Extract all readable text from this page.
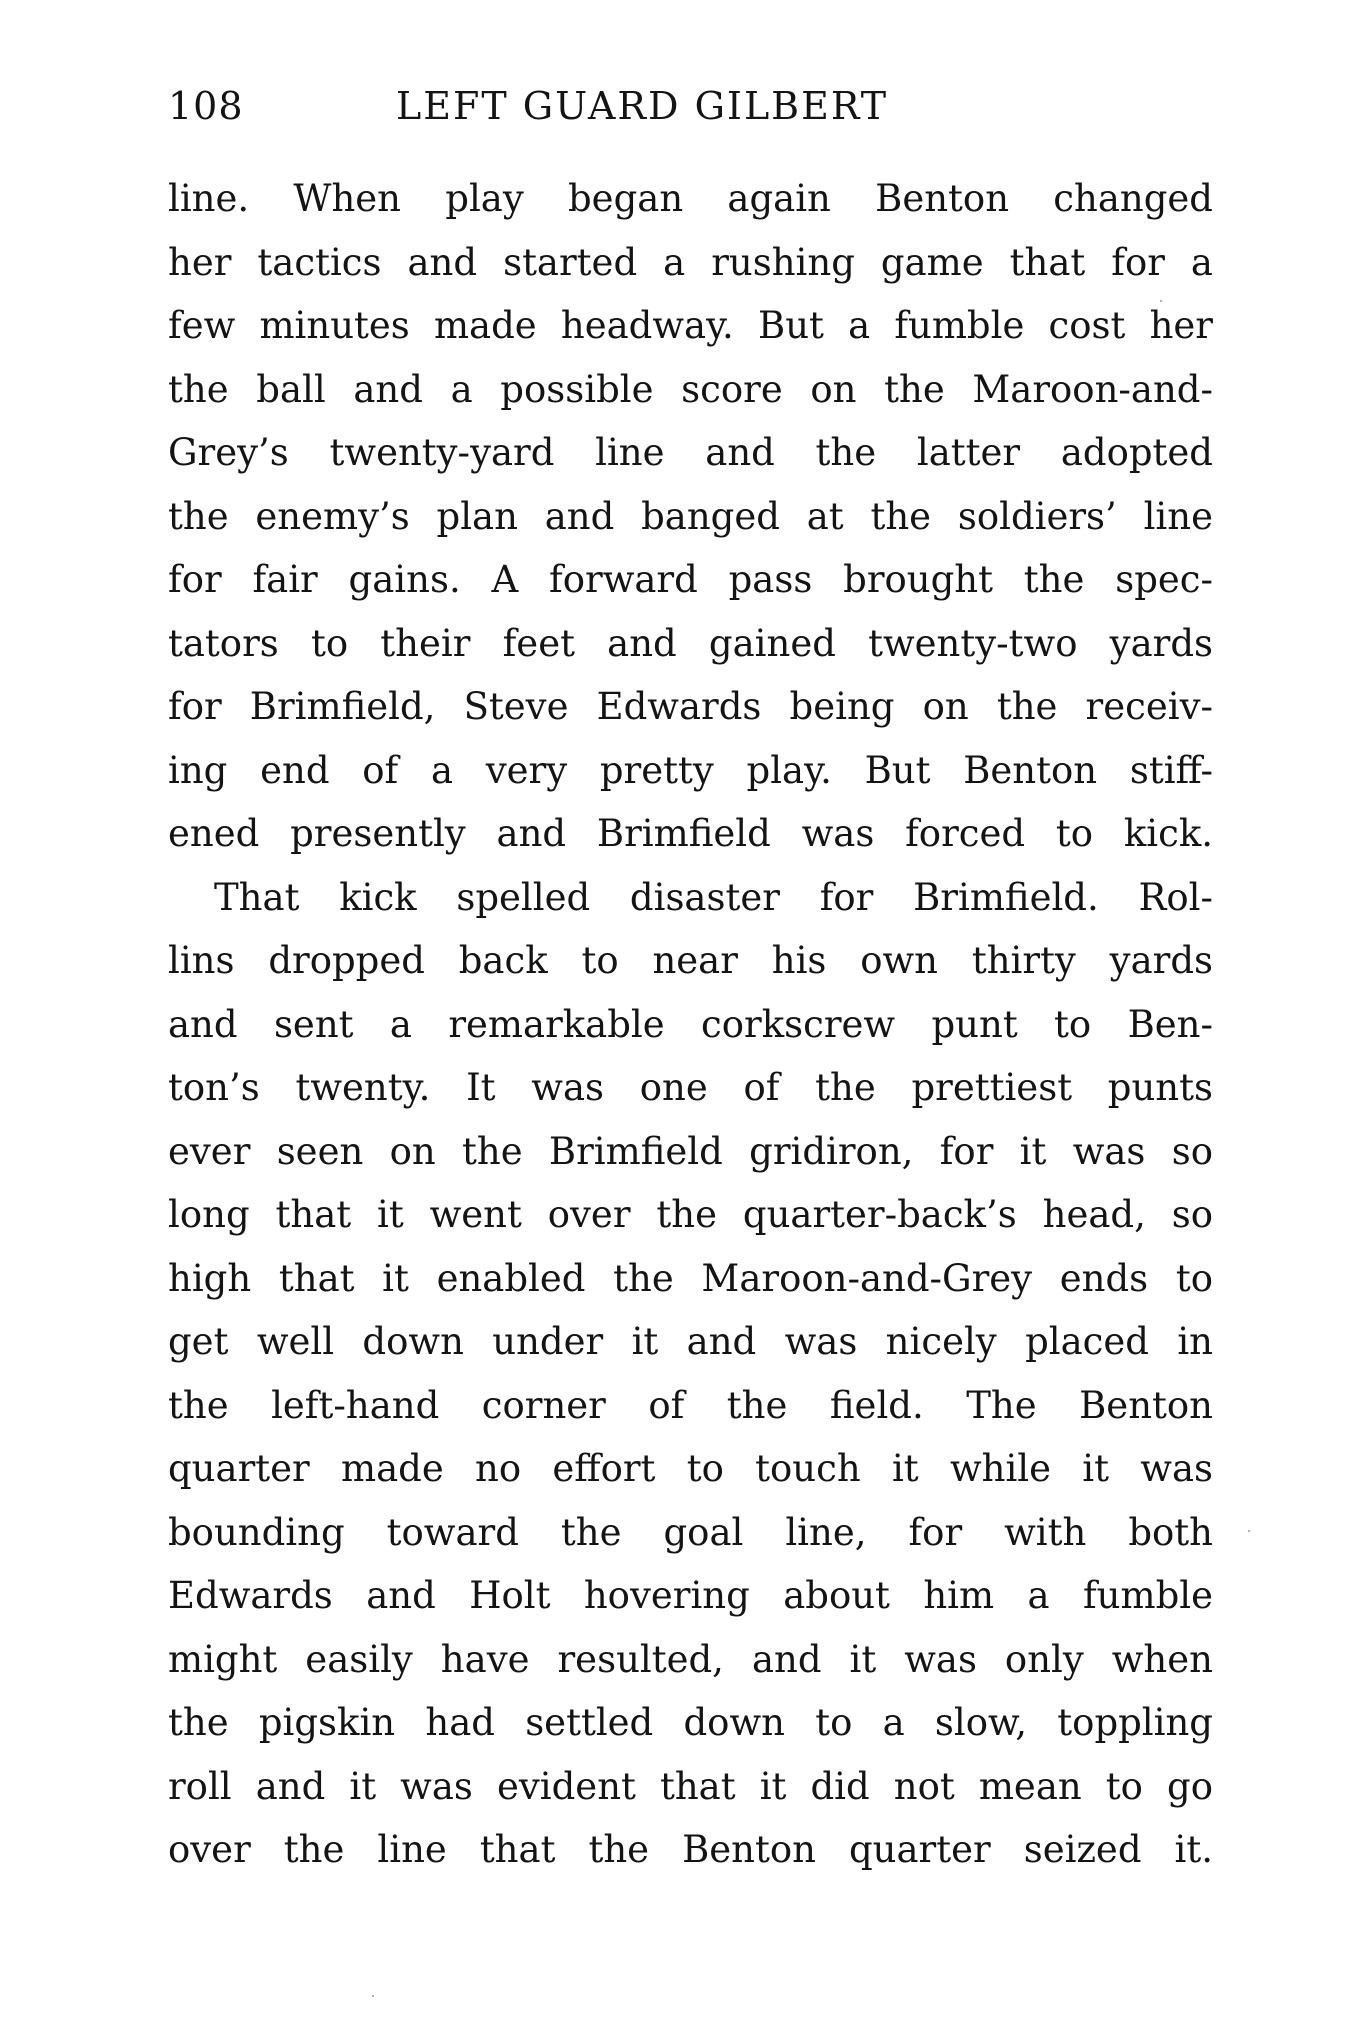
108	LEFT GUARD GILBERT
line. When play began again Benton changed
her tactics and started a rushing game that for a
few minutes made headway. But a fumble cost her
the ball and a possible score on the Maroon-and-
Grey’s twenty-yard line and the latter adopted
the enemy’s plan and banged at the soldiers’ line
for fair gains. A forward pass brought the spec-
tators to their feet and gained twenty-two yards
for Brimfield, Steve Edwards being on the receiv-
ing end of a very pretty play. But Benton stiff-
ened presently and Brimfield was forced to kick.
That kick spelled disaster for Brimfield. Rol-
lins dropped back to near his own thirty yards
and sent a remarkable corkscrew punt to Ben-
ton’s twenty. It was one of the prettiest punts
ever seen on the Brimfield gridiron, for it was so
long that it went over the quarter-back’s head, so
high that it enabled the Maroon-and-Grey ends to
get well down under it and was nicely placed in
the left-hand corner of the field. The Benton
quarter made no effort to touch it while it was
bounding toward the goal line, for with both
Edwards and Holt hovering about him a fumble
might easily have resulted, and it was only when
the pigskin had settled down to a slow, toppling
roll and it was evident that it did not mean to go
over the line that the Benton quarter seized it.
